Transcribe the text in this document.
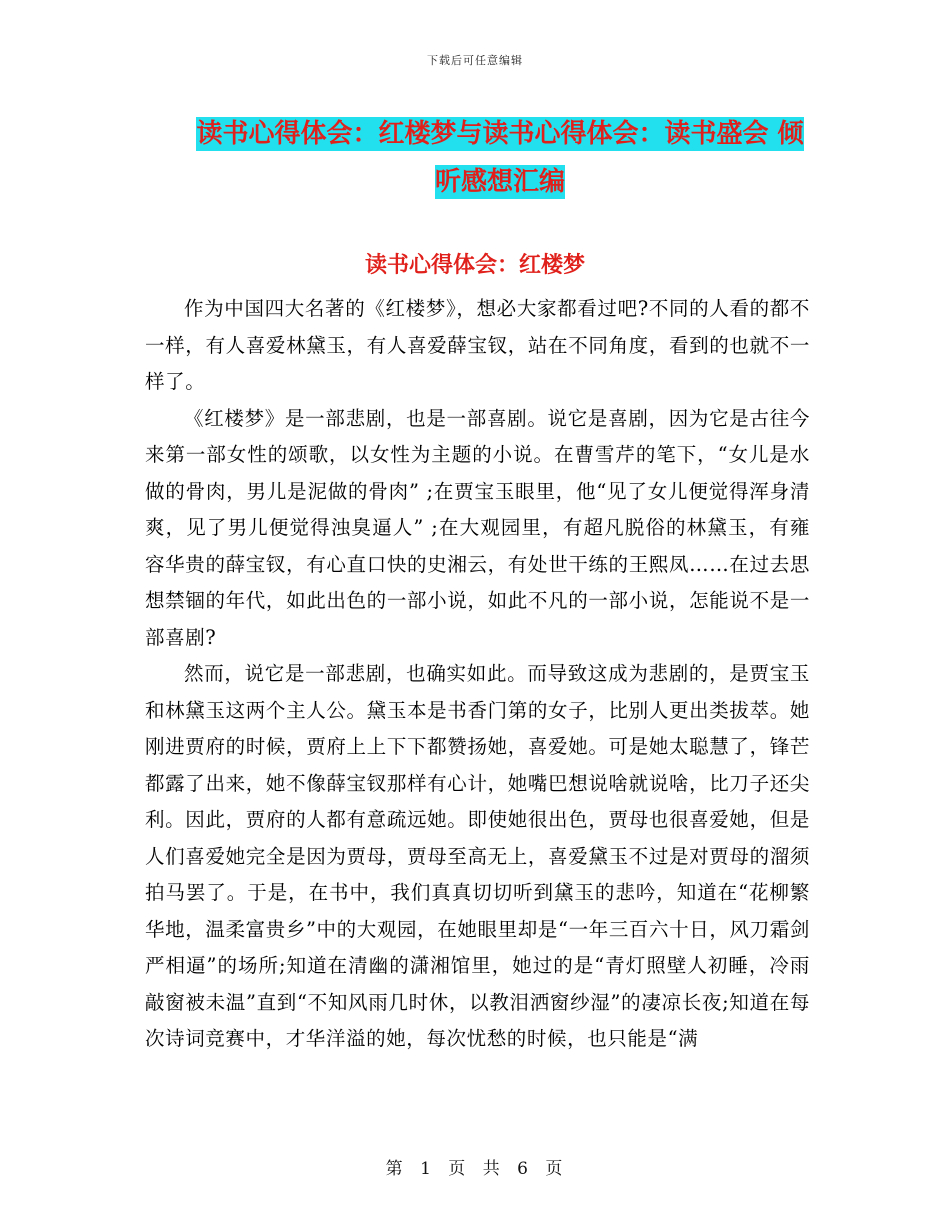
下载后可任意编辑
读书心得体会：红楼梦与读书心得体会：读书盛会 倾听感想汇编
读书心得体会：红楼梦

作为中国四大名著的《红楼梦》，想必大家都看过吧?不同的人看的都不一样，有人喜爱林黛玉，有人喜爱薛宝钗，站在不同角度，看到的也就不一样了。

《红楼梦》是一部悲剧，也是一部喜剧。说它是喜剧，因为它是古往今来第一部女性的颂歌，以女性为主题的小说。在曹雪芹的笔下，“女儿是水做的骨肉，男儿是泥做的骨肉” ;在贾宝玉眼里，他“见了女儿便觉得浑身清爽，见了男儿便觉得浊臭逼人” ;在大观园里，有超凡脱俗的林黛玉，有雍容华贵的薛宝钗，有心直口快的史湘云，有处世干练的王熙凤……在过去思想禁锢的年代，如此出色的一部小说，如此不凡的一部小说，怎能说不是一部喜剧?

然而，说它是一部悲剧，也确实如此。而导致这成为悲剧的，是贾宝玉和林黛玉这两个主人公。黛玉本是书香门第的女子，比别人更出类拔萃。她刚进贾府的时候，贾府上上下下都赞扬她，喜爱她。可是她太聪慧了，锋芒都露了出来，她不像薛宝钗那样有心计，她嘴巴想说啥就说啥，比刀子还尖利。因此，贾府的人都有意疏远她。即使她很出色，贾母也很喜爱她，但是人们喜爱她完全是因为贾母，贾母至高无上，喜爱黛玉不过是对贾母的溜须拍马罢了。于是，在书中，我们真真切切听到黛玉的悲吟，知道在“花柳繁华地，温柔富贵乡”中的大观园，在她眼里却是“一年三百六十日，风刀霜剑严相逼”的场所;知道在清幽的潇湘馆里，她过的是“青灯照壁人初睡，冷雨敲窗被未温”直到“不知风雨几时休，以教泪洒窗纱湿”的凄凉长夜;知道在每次诗词竞赛中，才华洋溢的她，每次忧愁的时候，也只能是“满

第 1 页 共 6 页
